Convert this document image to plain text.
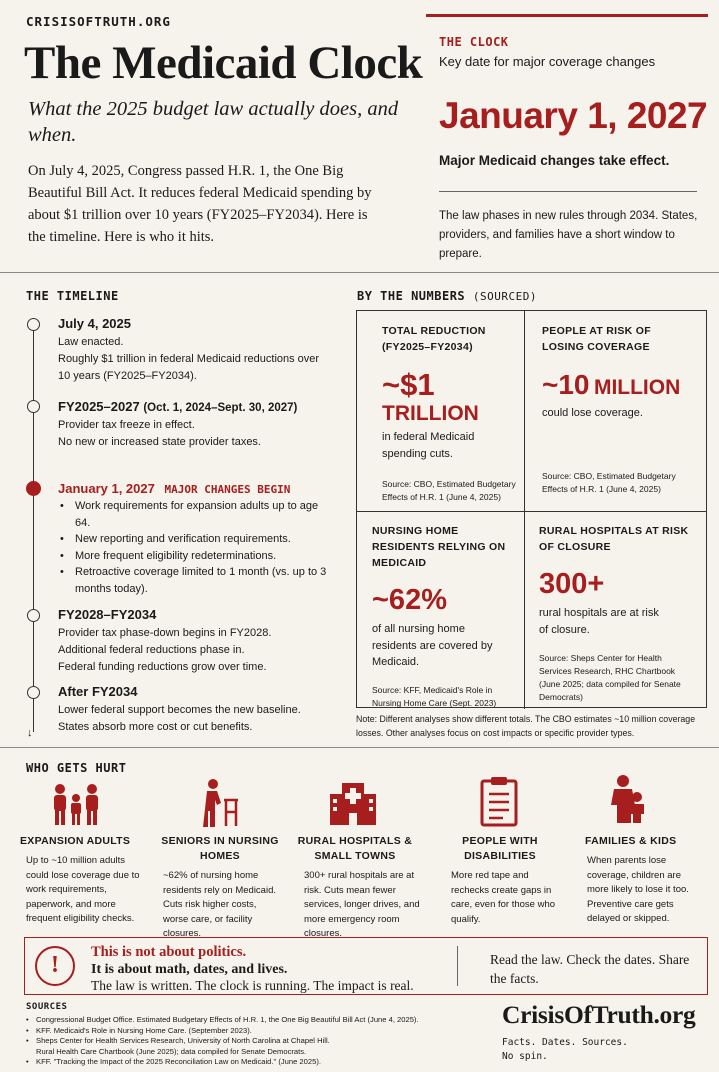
CRISISOFTRUTH.ORG
The Medicaid Clock
What the 2025 budget law actually does, and when.
On July 4, 2025, Congress passed H.R. 1, the One Big Beautiful Bill Act. It reduces federal Medicaid spending by about $1 trillion over 10 years (FY2025–FY2034). Here is the timeline. Here is who it hits.
THE CLOCK
Key date for major coverage changes
January 1, 2027
Major Medicaid changes take effect.
The law phases in new rules through 2034. States, providers, and families have a short window to prepare.
THE TIMELINE
July 4, 2025
Law enacted.
Roughly $1 trillion in federal Medicaid reductions over 10 years (FY2025–FY2034).
FY2025–2027 (Oct. 1, 2024–Sept. 30, 2027)
Provider tax freeze in effect.
No new or increased state provider taxes.
January 1, 2027 MAJOR CHANGES BEGIN
• Work requirements for expansion adults up to age 64.
• New reporting and verification requirements.
• More frequent eligibility redeterminations.
• Retroactive coverage limited to 1 month (vs. up to 3 months today).
FY2028–FY2034
Provider tax phase-down begins in FY2028.
Additional federal reductions phase in.
Federal funding reductions grow over time.
After FY2034
Lower federal support becomes the new baseline.
States absorb more cost or cut benefits.
↓
BY THE NUMBERS (SOURCED)
TOTAL REDUCTION (FY2025–FY2034)
~$1
TRILLION
in federal Medicaid spending cuts.
Source: CBO, Estimated Budgetary Effects of H.R. 1 (June 4, 2025)
PEOPLE AT RISK OF LOSING COVERAGE
~10 MILLION
could lose coverage.
Source: CBO, Estimated Budgetary Effects of H.R. 1 (June 4, 2025)
NURSING HOME RESIDENTS RELYING ON MEDICAID
~62%
of all nursing home residents are covered by Medicaid.
Source: KFF, Medicaid's Role in Nursing Home Care (Sept. 2023)
RURAL HOSPITALS AT RISK OF CLOSURE
300+
rural hospitals are at risk of closure.
Source: Sheps Center for Health Services Research, RHC Chartbook (June 2025; data compiled for Senate Democrats)
Note: Different analyses show different totals. The CBO estimates ~10 million coverage losses. Other analyses focus on cost impacts or specific provider types.
WHO GETS HURT
EXPANSION ADULTS
Up to ~10 million adults could lose coverage due to work requirements, paperwork, and more frequent eligibility checks.
SENIORS IN NURSING HOMES
~62% of nursing home residents rely on Medicaid. Cuts risk higher costs, worse care, or facility closures.
RURAL HOSPITALS & SMALL TOWNS
300+ rural hospitals are at risk. Cuts mean fewer services, longer drives, and more emergency room closures.
PEOPLE WITH DISABILITIES
More red tape and rechecks create gaps in care, even for those who qualify.
FAMILIES & KIDS
When parents lose coverage, children are more likely to lose it too. Preventive care gets delayed or skipped.
!	This is not about politics.
It is about math, dates, and lives.
The law is written. The clock is running. The impact is real.
Read the law. Check the dates. Share the facts.
SOURCES
• Congressional Budget Office. Estimated Budgetary Effects of H.R. 1, the One Big Beautiful Bill Act (June 4, 2025).
• KFF. Medicaid's Role in Nursing Home Care. (September 2023).
• Sheps Center for Health Services Research, University of North Carolina at Chapel Hill.
Rural Health Care Chartbook (June 2025); data compiled for Senate Democrats.
• KFF. "Tracking the Impact of the 2025 Reconciliation Law on Medicaid." (June 2025).
CrisisOfTruth.org
Facts. Dates. Sources.
No spin.
